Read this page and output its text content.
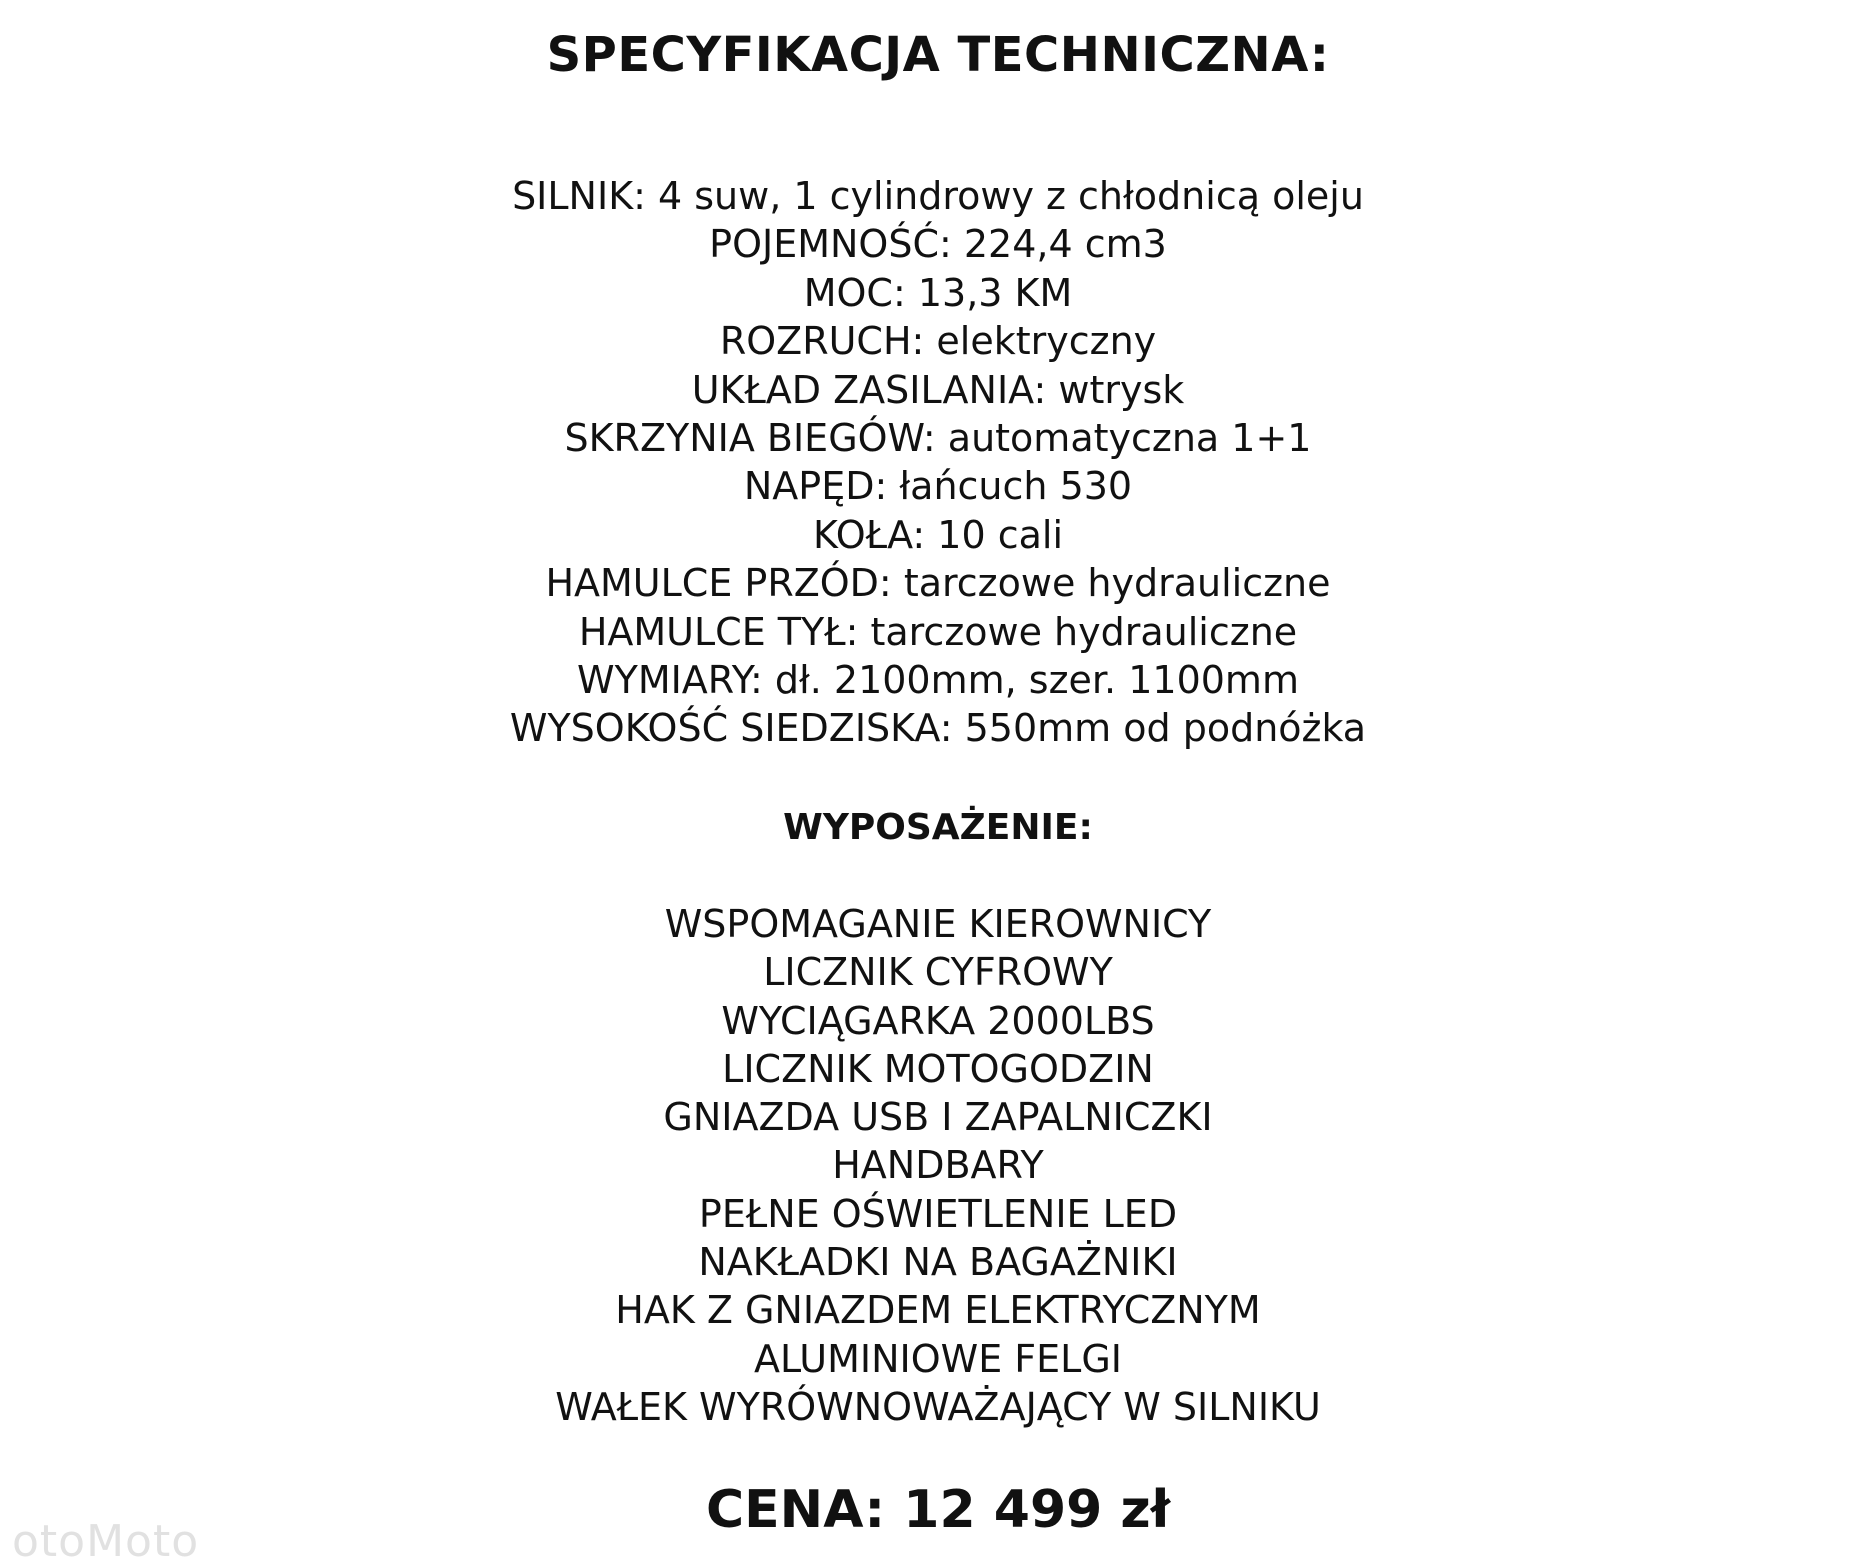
SPECYFIKACJA TECHNICZNA:
SILNIK: 4 suw, 1 cylindrowy z chłodnicą oleju
POJEMNOŚĆ: 224,4 cm3
MOC: 13,3 KM
ROZRUCH: elektryczny
UKŁAD ZASILANIA: wtrysk
SKRZYNIA BIEGÓW: automatyczna 1+1
NAPĘD: łańcuch 530
KOŁA: 10 cali
HAMULCE PRZÓD: tarczowe hydrauliczne
HAMULCE TYŁ: tarczowe hydrauliczne
WYMIARY: dł. 2100mm, szer. 1100mm
WYSOKOŚĆ SIEDZISKA: 550mm od podnóżka
WYPOSAŻENIE:
WSPOMAGANIE KIEROWNICY
LICZNIK CYFROWY
WYCIĄGARKA 2000LBS
LICZNIK MOTOGODZIN
GNIAZDA USB I ZAPALNICZKI
HANDBARY
PEŁNE OŚWIETLENIE LED
NAKŁADKI NA BAGAŻNIKI
HAK Z GNIAZDEM ELEKTRYCZNYM
ALUMINIOWE FELGI
WAŁEK WYRÓWNOWAŻAJĄCY W SILNIKU
CENA: 12 499 zł
otoMoto
